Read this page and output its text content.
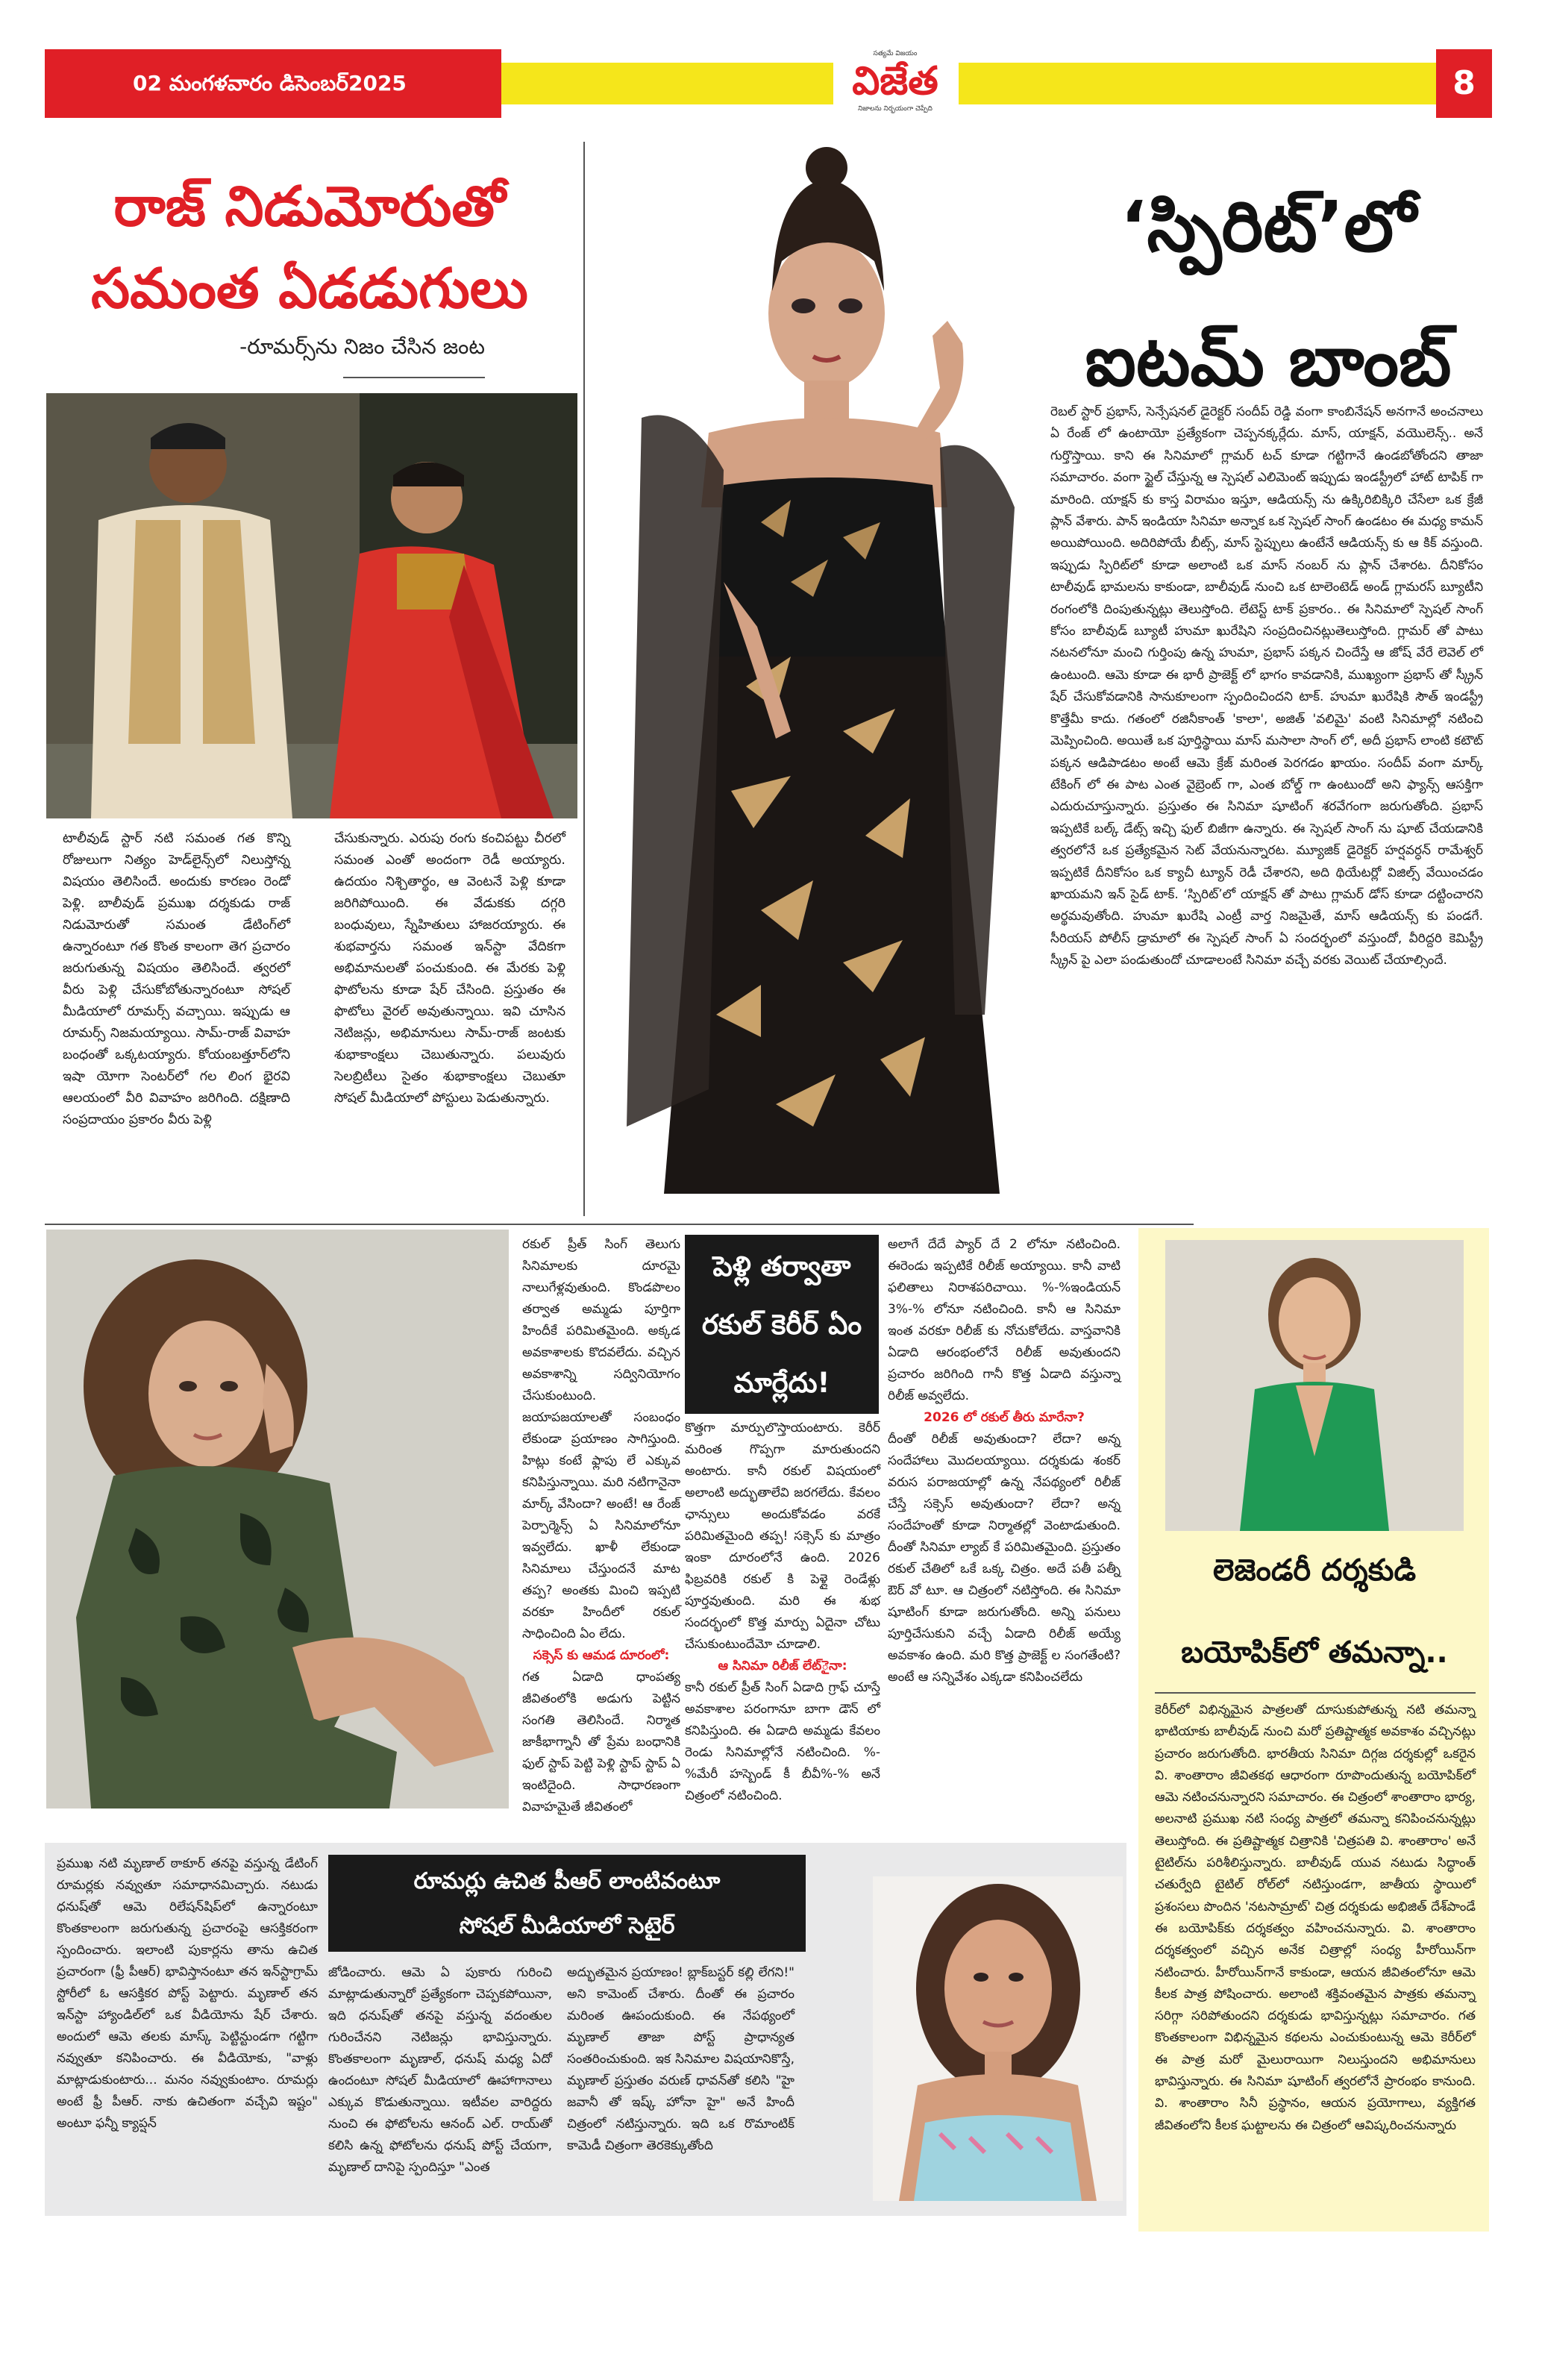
02 మంగళవారం డిసెంబర్2025
సత్యమే విజయం
విజేత
నిజాలను నిర్భయంగా చెప్పేది
8
రాజ్ నిడుమోరుతో
సమంత ఏడడుగులు
-రూమర్స్‌ను నిజం చేసిన జంట
టాలీవుడ్ స్టార్ నటి సమంత గత కొన్ని రోజులుగా నిత్యం హెడ్‌లైన్స్‌లో నిలుస్తోన్న విషయం తెలిసిందే. అందుకు కారణం రెండో పెళ్లి. బాలీవుడ్ ప్రముఖ దర్శకుడు రాజ్ నిడుమోరుతో సమంత డేటింగ్‌లో ఉన్నారంటూ గత కొంత కాలంగా తెగ ప్రచారం జరుగుతున్న విషయం తెలిసిందే. త్వరలో వీరు పెళ్లి చేసుకోబోతున్నారంటూ సోషల్ మీడియాలో రూమర్స్ వచ్చాయి. ఇప్పుడు ఆ రూమర్స్ నిజమయ్యాయి. సామ్-రాజ్ వివాహ బంధంతో ఒక్కటయ్యారు. కోయంబత్తూర్‌లోని ఇషా యోగా సెంటర్‌లో గల లింగ భైరవి ఆలయంలో వీరి వివాహం జరిగింది. దక్షిణాది సంప్రదాయం ప్రకారం వీరు పెళ్లి
చేసుకున్నారు. ఎరుపు రంగు కంచిపట్టు చీరలో సమంత ఎంతో అందంగా రెడీ అయ్యారు. ఉదయం నిశ్చితార్థం, ఆ వెంటనే పెళ్లి కూడా జరిగిపోయింది. ఈ వేడుకకు దగ్గరి బంధువులు, స్నేహితులు హాజరయ్యారు. ఈ శుభవార్తను సమంత ఇన్‌స్టా వేదికగా అభిమానులతో పంచుకుంది. ఈ మేరకు పెళ్లి ఫొటోలను కూడా షేర్ చేసింది. ప్రస్తుతం ఈ ఫొటోలు వైరల్ అవుతున్నాయి. ఇవి చూసిన నెటిజన్లు, అభిమానులు సామ్-రాజ్ జంటకు శుభాకాంక్షలు చెబుతున్నారు. పలువురు సెలబ్రిటీలు సైతం శుభాకాంక్షలు చెబుతూ సోషల్ మీడియాలో పోస్టులు పెడుతున్నారు.
‘స్పిరిట్’లో
ఐటమ్ బాంబ్
రెబల్ స్టార్ ప్రభాస్, సెన్సేషనల్ డైరెక్టర్ సందీప్ రెడ్డి వంగా కాంబినేషన్ అనగానే అంచనాలు ఏ రేంజ్ లో ఉంటాయో ప్రత్యేకంగా చెప్పనక్కర్లేదు. మాస్, యాక్షన్, వయొలెన్స్.. అనే గుర్తొస్తాయి. కాని ఈ సినిమాలో గ్లామర్ టచ్ కూడా గట్టిగానే ఉండబోతోందని తాజా సమాచారం. వంగా స్టైల్ చేస్తున్న ఆ స్పెషల్ ఎలిమెంట్ ఇప్పుడు ఇండస్ట్రీలో హాట్ టాపిక్ గా మారింది. యాక్షన్ కు కాస్త విరామం ఇస్తూ, ఆడియన్స్ ను ఉక్కిరిబిక్కిరి చేసేలా ఒక క్రేజీ ప్లాన్ వేశారు. పాన్ ఇండియా సినిమా అన్నాక ఒక స్పెషల్ సాంగ్ ఉండటం ఈ మధ్య కామన్ అయిపోయింది. అదిరిపోయే బీట్స్, మాస్ స్టెప్పులు ఉంటేనే ఆడియన్స్ కు ఆ కిక్ వస్తుంది. ఇప్పుడు స్పిరిట్‌లో కూడా అలాంటి ఒక మాస్ నంబర్ ను ప్లాన్ చేశారట. దీనికోసం టాలీవుడ్ భామలను కాకుండా, బాలీవుడ్ నుంచి ఒక టాలెంటెడ్ అండ్ గ్లామరస్ బ్యూటీని రంగంలోకి దింపుతున్నట్లు తెలుస్తోంది. లేటెస్ట్ టాక్ ప్రకారం.. ఈ సినిమాలో స్పెషల్ సాంగ్ కోసం బాలీవుడ్ బ్యూటీ హుమా ఖురేషిని సంప్రదించినట్లుతెలుస్తోంది. గ్లామర్ తో పాటు నటనలోనూ మంచి గుర్తింపు ఉన్న హుమా, ప్రభాస్ పక్కన చిందేస్తే ఆ జోష్ వేరే లెవెల్ లో ఉంటుంది. ఆమె కూడా ఈ భారీ ప్రాజెక్ట్ లో భాగం కావడానికి, ముఖ్యంగా ప్రభాస్ తో స్క్రీన్ షేర్ చేసుకోవడానికి సానుకూలంగా స్పందించిందని టాక్. హుమా ఖురేషికి సౌత్ ఇండస్ట్రీ కొత్తేమీ కాదు. గతంలో రజినీకాంత్ 'కాలా', అజిత్ 'వలిమై' వంటి సినిమాల్లో నటించి మెప్పించింది. అయితే ఒక పూర్తిస్థాయి మాస్ మసాలా సాంగ్ లో, అదీ ప్రభాస్ లాంటి కటౌట్ పక్కన ఆడిపాడటం అంటే ఆమె క్రేజ్ మరింత పెరగడం ఖాయం. సందీప్ వంగా మార్క్ టేకింగ్ లో ఈ పాట ఎంత వైబ్రెంట్ గా, ఎంత బోల్డ్ గా ఉంటుందో అని ఫ్యాన్స్ ఆసక్తిగా ఎదురుచూస్తున్నారు. ప్రస్తుతం ఈ సినిమా షూటింగ్ శరవేగంగా జరుగుతోంది. ప్రభాస్ ఇప్పటికే బల్క్ డేట్స్ ఇచ్చి ఫుల్ బిజీగా ఉన్నారు. ఈ స్పెషల్ సాంగ్ ను షూట్ చేయడానికి త్వరలోనే ఒక ప్రత్యేకమైన సెట్ వేయనున్నారట. మ్యూజిక్ డైరెక్టర్ హర్షవర్ధన్ రామేశ్వర్ ఇప్పటికే దీనికోసం ఒక క్యాచీ ట్యూన్ రెడీ చేశారని, అది థియేటర్లో విజిల్స్ వేయించడం ఖాయమని ఇన్ సైడ్ టాక్. ‘స్పిరిట్’లో యాక్షన్ తో పాటు గ్లామర్ డోస్ కూడా దట్టించారని అర్థమవుతోంది. హుమా ఖురేషి ఎంట్రీ వార్త నిజమైతే, మాస్ ఆడియన్స్ కు పండగే. సీరియస్ పోలీస్ డ్రామాలో ఈ స్పెషల్ సాంగ్ ఏ సందర్భంలో వస్తుందో, వీరిద్దరి కెమిస్ట్రీ స్క్రీన్ పై ఎలా పండుతుందో చూడాలంటే సినిమా వచ్చే వరకు వెయిట్ చేయాల్సిందే.
రకుల్ ప్రీత్ సింగ్ తెలుగు సినిమాలకు దూరమై నాలుగేళ్లవుతుంది. కొండపొలం తర్వాత అమ్మడు పూర్తిగా హిందీకే పరిమితమైంది. అక్కడ అవకాశాలకు కొదవలేదు. వచ్చిన అవకాశాన్ని సద్వినియోగం చేసుకుంటుంది. జయాపజయాలతో సంబంధం లేకుండా ప్రయాణం సాగిస్తుంది. హిట్లు కంటే ఫ్లాపు లే ఎక్కువ కనిపిస్తున్నాయి. మరి నటిగానైనా మార్క్ వేసిందా? అంటే! ఆ రేంజ్ పెర్పార్మెన్స్ ఏ సినిమాలోనూ ఇవ్వలేదు. ఖాళీ లేకుండా సినిమాలు చేస్తుందనే మాట తప్ప? అంతకు మించి ఇప్పటి వరకూ హిందీలో రకుల్ సాధించింది ఏం లేదు.
సక్సెస్ కు ఆమడ దూరంలో:
గత ఏడాది ధాంపత్య జీవితంలోకి అడుగు పెట్టిన సంగతి తెలిసిందే. నిర్మాత జాకీభాగ్నానీ తో ప్రేమ బంధానికి ఫుల్ స్టాప్ పెట్టి పెళ్లి స్టాప్ స్టాప్ ఏ ఇంటిదైంది. సాధారణంగా వివాహమైతే జీవితంలో
పెళ్లి తర్వాతా
రకుల్ కెరీర్ ఏం
మార్లేదు!
కొత్తగా మార్పులొస్తాయంటారు. కెరీర్ మరింత గొప్పగా మారుతుందని అంటారు. కానీ రకుల్ విషయంలో అలాంటి అద్భుతాలేవి జరగలేదు. కేవలం ఛాన్సులు అందుకోవడం వరకే పరిమితమైంది తప్ప! సక్సెస్ కు మాత్రం ఇంకా దూరంలోనే ఉంది. 2026 ఫిబ్రవరికి రకుల్ కి పెళ్లై రెండేళ్లు పూర్తవుతుంది. మరి ఈ శుభ సందర్భంలో కొత్త మార్పు ఏదైనా చోటు చేసుకుంటుందేమో చూడాలి.
ఆ సినిమా రిలీజ్ లేట్ైనా:
కానీ రకుల్ ప్రీత్ సింగ్ ఏడాది గ్రాఫ్ చూస్తే అవకాశాల పరంగానూ బాగా డౌన్ లో కనిపిస్తుంది. ఈ ఏడాది అమ్మడు కేవలం రెండు సినిమాల్లోనే నటించింది. %-%మేరీ హస్బెండ్ కీ బీవీ%-% అనే చిత్రంలో నటించింది.
అలాగే దేదే ప్యార్ దే 2 లోనూ నటించింది. ఈరెండు ఇప్పటికే రిలీజ్ అయ్యాయి. కానీ వాటి ఫలితాలు నిరాశపరిచాయి. %-%ఇండియన్ 3%-% లోనూ నటించింది. కానీ ఆ సినిమా ఇంత వరకూ రిలీజ్ కు నోచుకోలేదు. వాస్తవానికి ఏడాది ఆరంభంలోనే రిలీజ్ అవుతుందని ప్రచారం జరిగింది గానీ కొత్త ఏడాది వస్తున్నా రిలీజ్ అవ్వలేదు.
2026 లో రకుల్ తీరు మారేనా?
దీంతో రిలీజ్ అవుతుందా? లేదా? అన్న సందేహాలు మొదలయ్యాయి. దర్శకుడు శంకర్ వరుస పరాజయాల్లో ఉన్న నేపథ్యంలో రిలీజ్ చేస్తే సక్సెస్ అవుతుందా? లేదా? అన్న సందేహంతో కూడా నిర్మాతల్లో వెంటాడుతుంది. దీంతో సినిమా ల్యాబ్ కే పరిమితమైంది. ప్రస్తుతం రకుల్ చేతిలో ఒకే ఒక్క చిత్రం. అదే పతీ పత్నీ ఔర్ వో టూ. ఆ చిత్రంలో నటిస్తోంది. ఈ సినిమా షూటింగ్ కూడా జరుగుతోంది. అన్ని పనులు పూర్తిచేసుకుని వచ్చే ఏడాది రిలీజ్ అయ్యే అవకాశం ఉంది. మరి కొత్త ప్రాజెక్ట్ ల సంగతేంటి? అంటే ఆ సన్నివేశం ఎక్కడా కనిపించలేదు
లెజెండరీ దర్శకుడి
బయోపిక్‌లో తమన్నా..
కెరీర్‌లో విభిన్నమైన పాత్రలతో దూసుకుపోతున్న నటి తమన్నా భాటియాకు బాలీవుడ్ నుంచి మరో ప్రతిష్టాత్మక అవకాశం వచ్చినట్లు ప్రచారం జరుగుతోంది. భారతీయ సినిమా దిగ్గజ దర్శకుల్లో ఒకరైన వి. శాంతారాం జీవితకథ ఆధారంగా రూపొందుతున్న బయోపిక్‌లో ఆమె నటించనున్నారని సమాచారం. ఈ చిత్రంలో శాంతారాం భార్య, అలనాటి ప్రముఖ నటి సంధ్య పాత్రలో తమన్నా కనిపించనున్నట్లు తెలుస్తోంది. ఈ ప్రతిష్టాత్మక చిత్రానికి 'చిత్రపతి వి. శాంతారాం' అనే టైటిల్‌ను పరిశీలిస్తున్నారు. బాలీవుడ్ యువ నటుడు సిద్ధాంత్ చతుర్వేది టైటిల్ రోల్‌లో నటిస్తుండగా, జాతీయ స్థాయిలో ప్రశంసలు పొందిన 'నటసామ్రాట్' చిత్ర దర్శకుడు అభిజిత్ దేశ్‌పాండే ఈ బయోపిక్‌కు దర్శకత్వం వహించనున్నారు. వి. శాంతారాం దర్శకత్వంలో వచ్చిన అనేక చిత్రాల్లో సంధ్య హీరోయిన్‌గా నటించారు. హీరోయిన్‌గానే కాకుండా, ఆయన జీవితంలోనూ ఆమె కీలక పాత్ర పోషించారు. అలాంటి శక్తివంతమైన పాత్రకు తమన్నా సరిగ్గా సరిపోతుందని దర్శకుడు భావిస్తున్నట్లు సమాచారం. గత కొంతకాలంగా విభిన్నమైన కథలను ఎంచుకుంటున్న ఆమె కెరీర్‌లో ఈ పాత్ర మరో మైలురాయిగా నిలుస్తుందని అభిమానులు భావిస్తున్నారు. ఈ సినిమా షూటింగ్ త్వరలోనే ప్రారంభం కానుంది. వి. శాంతారాం సినీ ప్రస్థానం, ఆయన ప్రయోగాలు, వ్యక్తిగత జీవితంలోని కీలక ఘట్టాలను ఈ చిత్రంలో ఆవిష్కరించనున్నారు
రూమర్లు ఉచిత పీఆర్ లాంటివంటూ
సోషల్ మీడియాలో సెటైర్
ప్రముఖ నటి మృణాల్ ఠాకూర్ తనపై వస్తున్న డేటింగ్ రూమర్లకు నవ్వుతూ సమాధానమిచ్చారు. నటుడు ధనుష్‌తో ఆమె రిలేషన్‌షిప్‌లో ఉన్నారంటూ కొంతకాలంగా జరుగుతున్న ప్రచారంపై ఆసక్తికరంగా స్పందించారు. ఇలాంటి పుకార్లను తాను ఉచిత ప్రచారంగా (ఫ్రీ పీఆర్) భావిస్తానంటూ తన ఇన్‌స్టాగ్రామ్ స్టోరీలో ఓ ఆసక్తికర పోస్ట్ పెట్టారు. మృణాల్ తన ఇన్‌స్టా హ్యాండిల్‌లో ఒక వీడియోను షేర్ చేశారు. అందులో ఆమె తలకు మాస్క్ పెట్టిన్టుండగా గట్టిగా నవ్వుతూ కనిపించారు. ఈ వీడియోకు, "వాళ్లు మాట్లాడుకుంటారు... మనం నవ్వుకుంటాం. రూమర్లు అంటే ఫ్రీ పీఆర్. నాకు ఉచితంగా వచ్చేవి ఇష్టం" అంటూ ఫన్నీ క్యాప్షన్
జోడించారు. ఆమె ఏ పుకారు గురించి మాట్లాడుతున్నారో ప్రత్యేకంగా చెప్పకపోయినా, ఇది ధనుష్‌తో తనపై వస్తున్న వదంతుల గురించేనని నెటిజన్లు భావిస్తున్నారు. కొంతకాలంగా మృణాల్, ధనుష్ మధ్య ఏదో ఉందంటూ సోషల్ మీడియాలో ఊహాగానాలు ఎక్కువ కొడుతున్నాయి. ఇటీవల వారిద్దరు నుంచి ఈ ఫోటోలను ఆనంద్ ఎల్. రాయ్‌తో కలిసి ఉన్న ఫోటోలను ధనుష్ పోస్ట్ చేయగా, మృణాల్ దానిపై స్పందిస్తూ "ఎంత
అద్భుతమైన ప్రయాణం! బ్లాక్‌బస్టర్ కల్లి లేగని!" అని కామెంట్ చేశారు. దీంతో ఈ ప్రచారం మరింత ఊపందుకుంది. ఈ నేపథ్యంలో మృణాల్ తాజా పోస్ట్ ప్రాధాన్యత సంతరించుకుంది. ఇక సినిమాల విషయానికొస్తే, మృణాల్ ప్రస్తుతం వరుణ్ ధావన్‌తో కలిసి "హై జవానీ తో ఇష్క్ హోనా హై" అనే హిందీ చిత్రంలో నటిస్తున్నారు. ఇది ఒక రొమాంటిక్ కామెడీ చిత్రంగా తెరకెక్కుతోంది
